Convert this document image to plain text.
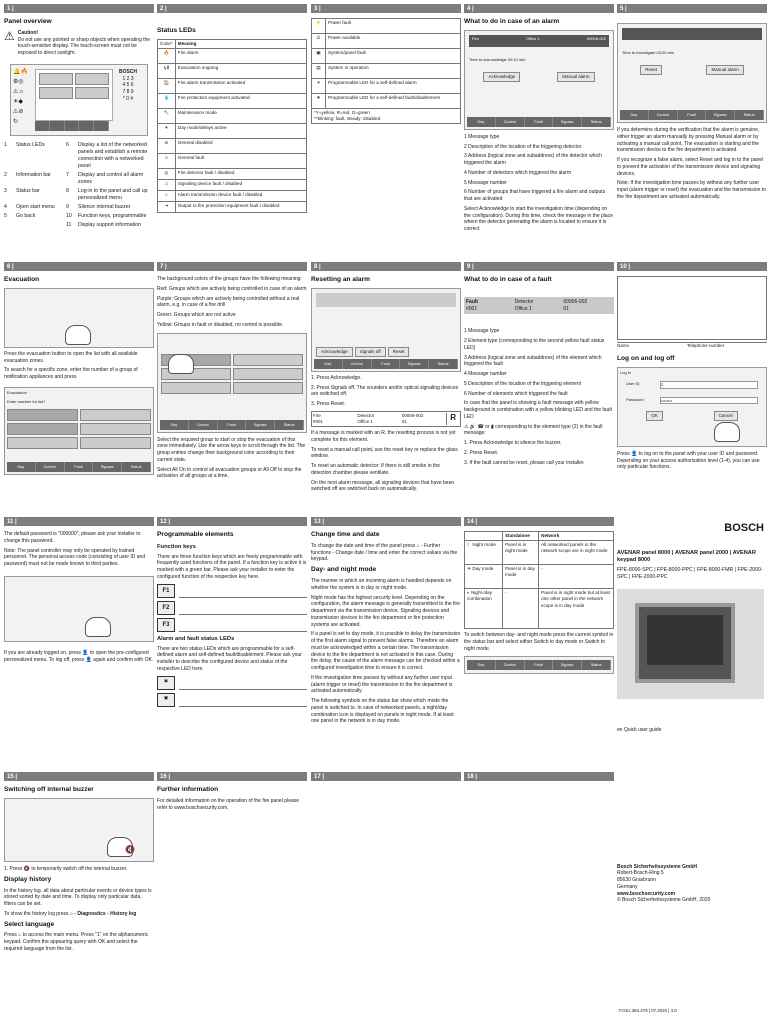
1 |
Panel overview
⚠ Caution!
Do not use any pointed or sharp objects when operating the touch-sensitive display. The touch-screen must not be exposed to direct sunlight.
🔔🔥
⚙◎
⚠☼
☀◆
⚠⊘
↻
BOSCH
1 2 3
4 5 6
7 8 9
* 0 #
1	Status LEDs	6	Display a list of the networked panels and establish a remote connection with a networked panel
2	Information bar	7	Display and control all alarm zones
3	Status bar	8	Log-in to the panel and call up personalized menu
4	Open start menu	9	Silence internal buzzer
5	Go back	10	Function keys, programmable
11	Display support information
2 |
Status LEDs
Color*	Meaning
🔥	Fire alarm
📢	Evacuation ongoing
🏠	Fire alarm transmission activated
💧	Fire protection equipment activated
🔧	Maintenance mode
☀	Day mode/delays active
⊘	General disabled
⚠	General fault
◎	Fire detector fault / disabled
♫	Signaling device fault / disabled
⌂	Alarm transmission device fault / disabled
⇥	Output to fire protection equipment fault / disabled
3 |
⚡	Power fault
⏻	Power available
▣	System/panel fault
▤	System in operation
✶	Programmable LED for a self-defined alarm
✷	Programmable LED for a self-defined fault/disablement
*Y=yellow, R=red, G=green
**blinking: fault, steady: disabled	
4 |
What to do in case of an alarm
Fire	Office 1	00006-002
Time to acknowledge 00:10 min
Acknowledge	Manual alarm
Day	Control	Fault	Bypass	Status
1 Message type
2 Description of the location of the triggering detector
3 Address (logical zone and subaddress) of the detector which triggered the alarm
4 Number of detectors which triggered the alarm
5 Message number
6 Number of groups that have triggered a fire alarm and outputs that are activated
Select Acknowledge to start the investigation time (depending on the configuration). During this time, check the message in the place where the detector generating the alarm is located to ensure it is correct.
5 |
Time to investigate 03:00 min
Reset	Manual alarm
Day	Control	Fault	Bypass	Status
If you determine during the verification that the alarm is genuine, either trigger an alarm manually by pressing Manual alarm or by activating a manual call point. The evacuation is starting and the transmission device to the fire department is activated.
If you recognize a false alarm, select Reset and log in to the panel to prevent the activation of the transmission device and signaling devices.
Note: If the investigation time passes by without any further user input (alarm trigger or reset) the evacuation and the transmission to the fire department are activated automatically.
6 |
Evacuation
Press the evacuation button to open the list with all available evacuation zones.
To search for a specific zone, enter the number of a group of notification appliances and press
Evacuation
Enter number for list?
Day	Control	Fault	Bypass	Status
7 |
The background colors of the groups have the following meaning:
Red: Groups which are actively being controlled in case of an alarm
Purple: Groups which are actively being controlled without a real alarm, e.g. in case of a fire drill
Green: Groups which are not active
Yellow: Groups in fault or disabled, no control is possible.
Day	Control	Fault	Bypass	Status
Select the required group to start or stop the evacuation of this zone immediately. Use the arrow keys to scroll through the list. The group entries change their background color according to their current state.
Select All On to control all evacuation groups or All Off to stop the activation of all groups at a time.
8 |
Resetting an alarm
Acknowledge	Signals off	Reset
Day	Control	Fault	Bypass	Status
1. Press Acknowledge.
2. Press Signals off. The sounders and/or optical signaling devices are switched off.
3. Press Reset.
Fire
#001
Detector
Office 1
00006-002
01	R
If a message is marked with an R, the resetting process is not yet complete for this element.
To reset a manual call point, use the reset key or replace the glass window.
To reset an automatic detector: If there is still smoke in the detection chamber please ventilate.
On the next alarm message, all signaling devices that have been switched off are switched back on automatically.
9 |
What to do in case of a fault
Fault
#001
Detector
Office 1
00006-002
01
1 Message type
2 Element type (corresponding to the second yellow fault status LED)
3 Address (logical zone and subaddress) of the element which triggered the fault
4 Message number
5 Description of the location of the triggering element
6 Number of elements which triggered the fault
In case that the panel is showing a fault message with yellow background in combination with a yellow blinking LED and the fault LED
⚠ 🔊 ☎ or ▮ corresponding to the element type (2) in the fault message:
1. Press Acknowledge to silence the buzzer.
2. Press Reset.
3. If the fault cannot be reset, please call your installer.
10 |
Name	Telephone number
Log on and log off
Log in
User ID	2
Password	••••••••
OK	Cancel
Press 👤 to log on to the panel with your user ID and password. Depending on your access authorization level (1-4), you can use only particular functions.
11 |
The default password is "000000", please ask your installer to change this password.
Note: The panel controller may only be operated by trained personnel. The personal access code (consisting of user ID and password) must not be made known to third parties.
If you are already logged on, press 👤 to open the pre-configured personalized menu. To log off, press 👤 again and confirm with OK.
12 |
Programmable elements
Function keys
There are three function keys which are freely programmable with frequently used functions of the panel. If a function key is active it is marked with a green bar. Please ask your installer to enter the configured function of the respective key here.
F1
F2
F3
Alarm and fault status LEDs
There are two status LEDs which are programmable for a self-defined alarm and self-defined fault/disablement. Please ask your installer to describe the configured device and status of the respective LED here.
✶
✷
13 |
Change time and date
To change the date and time of the panel press ⌂ - Further functions - Change date / time and enter the correct values via the keypad.
Day- and night mode
The manner in which an incoming alarm is handled depends on whether the system is in day or night mode.
Night mode has the highest security level. Depending on the configuration, the alarm message is generally transmitted to the fire department via the transmission device. Signaling devices and transmission devices to the fire department or fire protection systems are activated.
If a panel is set to day mode, it is possible to delay the transmission of the first alarm signal to prevent false alarms. Therefore an alarm must be acknowledged within a certain time. The transmission device to the fire department is not activated in this case. During the delay, the cause of the alarm message can be checked within a configured investigation time to ensure it is correct.
If the investigation time passes by without any further user input (alarm trigger or reset) the transmission to the fire department is activated automatically.
The following symbols on the status bar show which mode the panel is switched to. In case of networked panels, a night/day combination icon is displayed on panels in night mode. If at least one panel in the network is in day mode.
14 |
	Standalone	Network
☾ Night mode	Panel is in night mode	All networked panels in the network scope are in night mode
☀ Day mode	Panel is in day mode	-
◐ Night-/day combination	-	Panel is in night mode but at least one other panel in the network scope is in day mode
To switch between day- and night mode press the current symbol in the status bar and select either Switch to day mode or Switch to night mode.
Day	Control	Fault	Bypass	Status
BOSCH
AVENAR panel 8000 | AVENAR panel 2000 | AVENAR keypad 8000
FPE-8000-SPC | FPE-8000-PPC | FPE-8000-FMR | FPE-2000-SPC | FPE-2000-PPC
en Quick user guide
Bosch Sicherheitssysteme GmbH
Robert-Bosch-Ring 5
85630 Grasbrunn
Germany
www.boschsecurity.com
© Bosch Sicherheitssysteme GmbH, 2020
F.01U.384.479 | 07.2020 | 4.0
15 |
Switching off internal buzzer
🔇
1. Press 🔇 to temporarily switch off the internal buzzer.
Display history
In the history log, all data about particular events or device types is stored sorted by date and time. To display only particular data, filters can be set.
To show the history log press ⌂ - Diagnostics - History log
Select language
Press ⌂ to access the main menu. Press "1" on the alphanumeric keypad. Confirm the appearing query with OK and select the required language from the list.
16 |
Further information
For detailed information on the operation of the fire panel please refer to www.boschsecurity.com.
17 |	18 |
